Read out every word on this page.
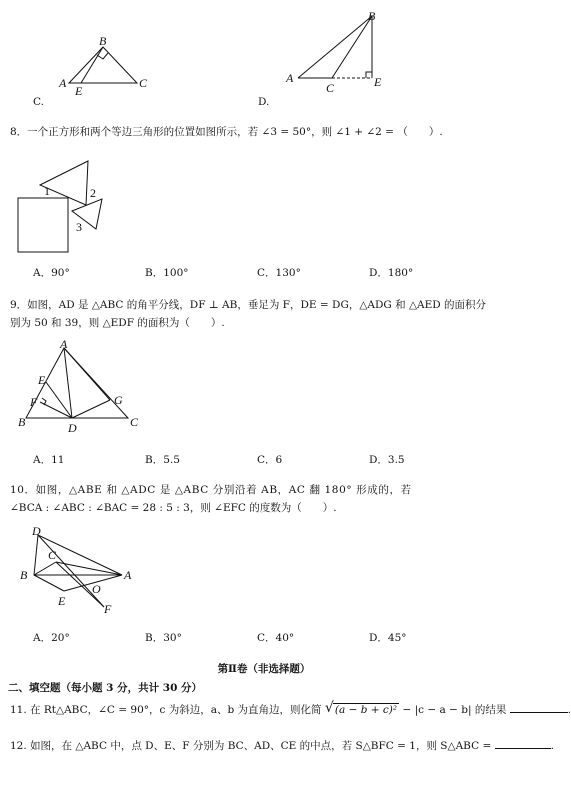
B
A	C
E
C.
B
A
C	E
D.
8．一个正方形和两个等边三角形的位置如图所示，若 ∠3 = 50°，则 ∠1 + ∠2 = （　　）.
1	2
3
A．90°	B．100°	C．130°	D．180°
9．如图，AD 是 △ABC 的角平分线，DF ⊥ AB，垂足为 F，DE = DG，△ADG 和 △AED 的面积分
别为 50 和 39，则 △EDF 的面积为（　　）.
A
E
F	G
B	D	C
A．11	B．5.5	C．6	D．3.5
10．如图，△ABE 和 △ADC 是 △ABC 分别沿着 AB，AC 翻 180° 形成的，若
∠BCA : ∠ABC : ∠BAC = 28 : 5 : 3，则 ∠EFC 的度数为（　　）.
D
C
B	A
O
E
F
A．20°	B．30°	C．40°	D．45°
第Ⅱ卷（非选择题）
二、填空题（每小题 3 分，共计 30 分）
11. 在 Rt△ABC，∠C = 90°，c 为斜边，a、b 为直角边，则化简 √ (a − b + c)² − |c − a − b| 的结果	.
12. 如图，在 △ABC 中，点 D、E、F 分别为 BC、AD、CE 的中点，若 S△BFC = 1，则 S△ABC =	.
